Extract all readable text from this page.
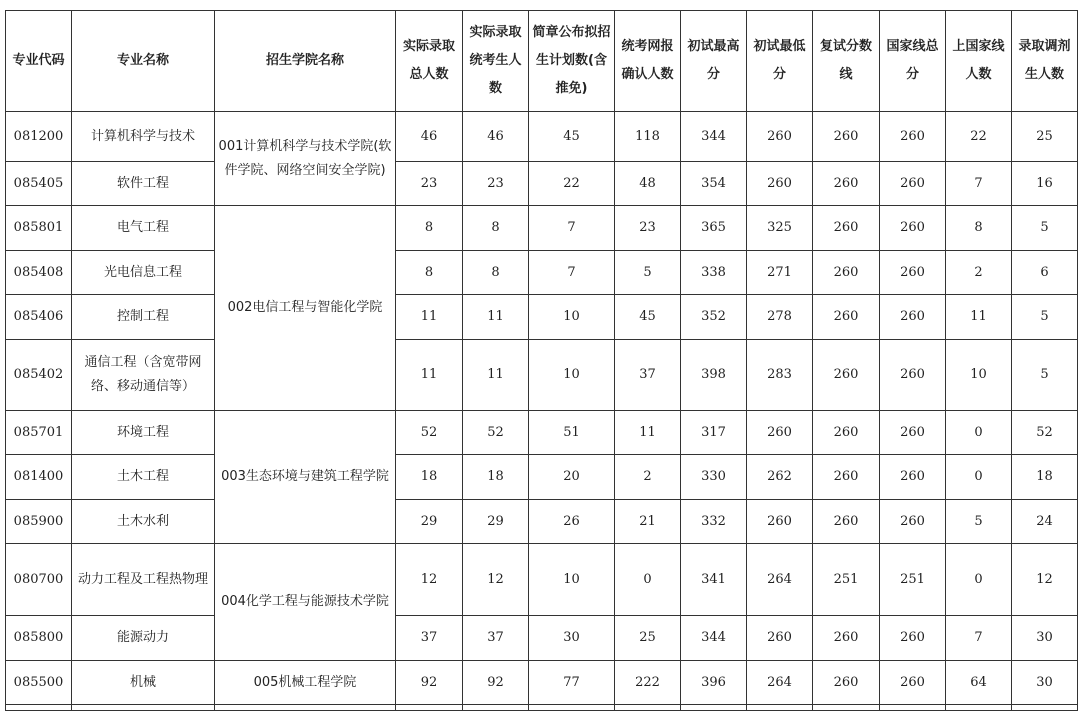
专业代码	专业名称	招生学院名称	实际录取总人数	实际录取统考生人数	简章公布拟招生计划数(含推免)	统考网报确认人数	初试最高分	初试最低分	复试分数线	国家线总分	上国家线人数	录取调剂生人数
081200	计算机科学与技术	001计算机科学与技术学院(软件学院、网络空间安全学院)	46	46	45	118	344	260	260	260	22	25
085405	软件工程		23	23	22	48	354	260	260	260	7	16
085801	电气工程	002电信工程与智能化学院	8	8	7	23	365	325	260	260	8	5
085408	光电信息工程		8	8	7	5	338	271	260	260	2	6
085406	控制工程		11	11	10	45	352	278	260	260	11	5
085402	通信工程（含宽带网络、移动通信等）		11	11	10	37	398	283	260	260	10	5
085701	环境工程	003生态环境与建筑工程学院	52	52	51	11	317	260	260	260	0	52
081400	土木工程		18	18	20	2	330	262	260	260	0	18
085900	土木水利		29	29	26	21	332	260	260	260	5	24
080700	动力工程及工程热物理	004化学工程与能源技术学院	12	12	10	0	341	264	251	251	0	12
085800	能源动力		37	37	30	25	344	260	260	260	7	30
085500	机械	005机械工程学院	92	92	77	222	396	264	260	260	64	30
